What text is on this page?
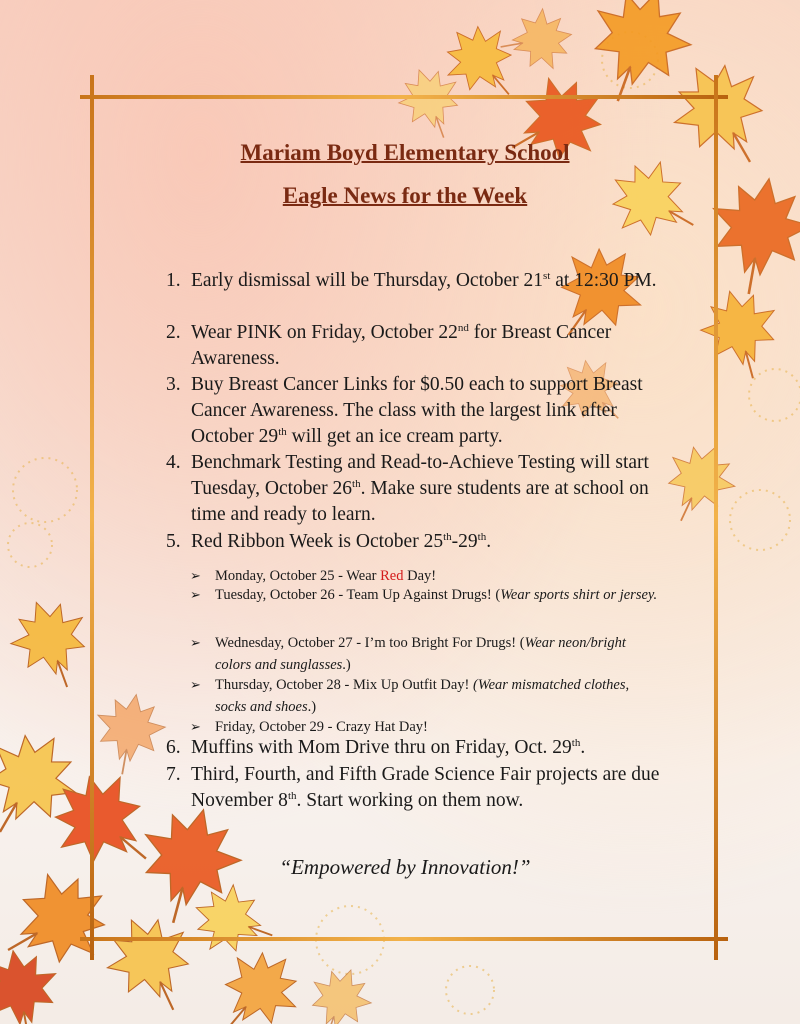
Mariam Boyd Elementary School
Eagle News for the Week
1. Early dismissal will be Thursday, October 21st at 12:30 PM.
2. Wear PINK on Friday, October 22nd for Breast Cancer Awareness.
3. Buy Breast Cancer Links for $0.50 each to support Breast Cancer Awareness. The class with the largest link after October 29th will get an ice cream party.
4. Benchmark Testing and Read-to-Achieve Testing will start Tuesday, October 26th. Make sure students are at school on time and ready to learn.
5. Red Ribbon Week is October 25th-29th.
6. Muffins with Mom Drive thru on Friday, Oct. 29th.
7. Third, Fourth, and Fifth Grade Science Fair projects are due November 8th. Start working on them now.
➢ Monday, October 25 - Wear Red Day!
➢ Tuesday, October 26 - Team Up Against Drugs! (Wear sports shirt or jersey.
➢ Wednesday, October 27 - I’m too Bright For Drugs! (Wear neon/bright colors and sunglasses.)
➢ Thursday, October 28 - Mix Up Outfit Day! (Wear mismatched clothes, socks and shoes.)
➢ Friday, October 29 - Crazy Hat Day!
“Empowered by Innovation!”
